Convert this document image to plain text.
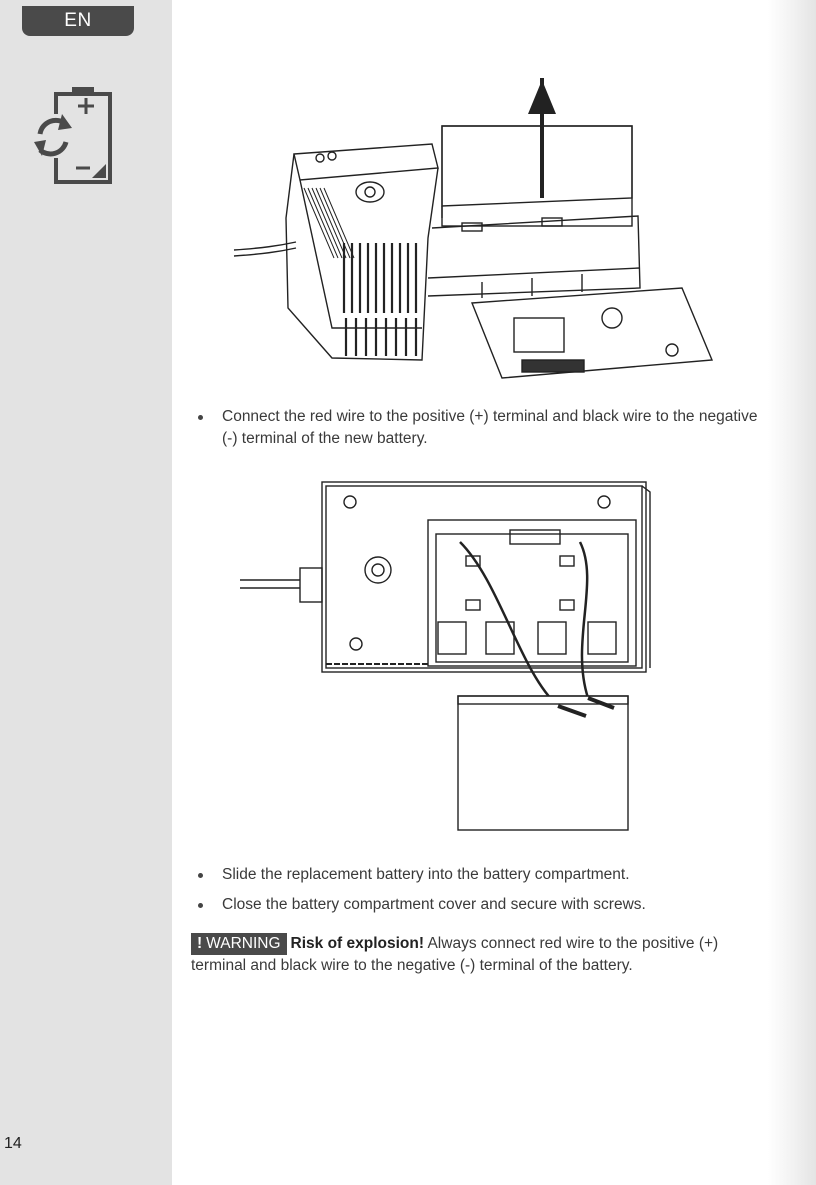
EN
14
Connect the red wire to the positive (+) terminal and black wire to the negative (-) terminal of the new battery.
Slide the replacement battery into the battery compartment.
Close the battery compartment cover and secure with screws.
! WARNING Risk of explosion! Always connect red wire to the positive (+) terminal and black wire to the negative (-) terminal of the battery.
